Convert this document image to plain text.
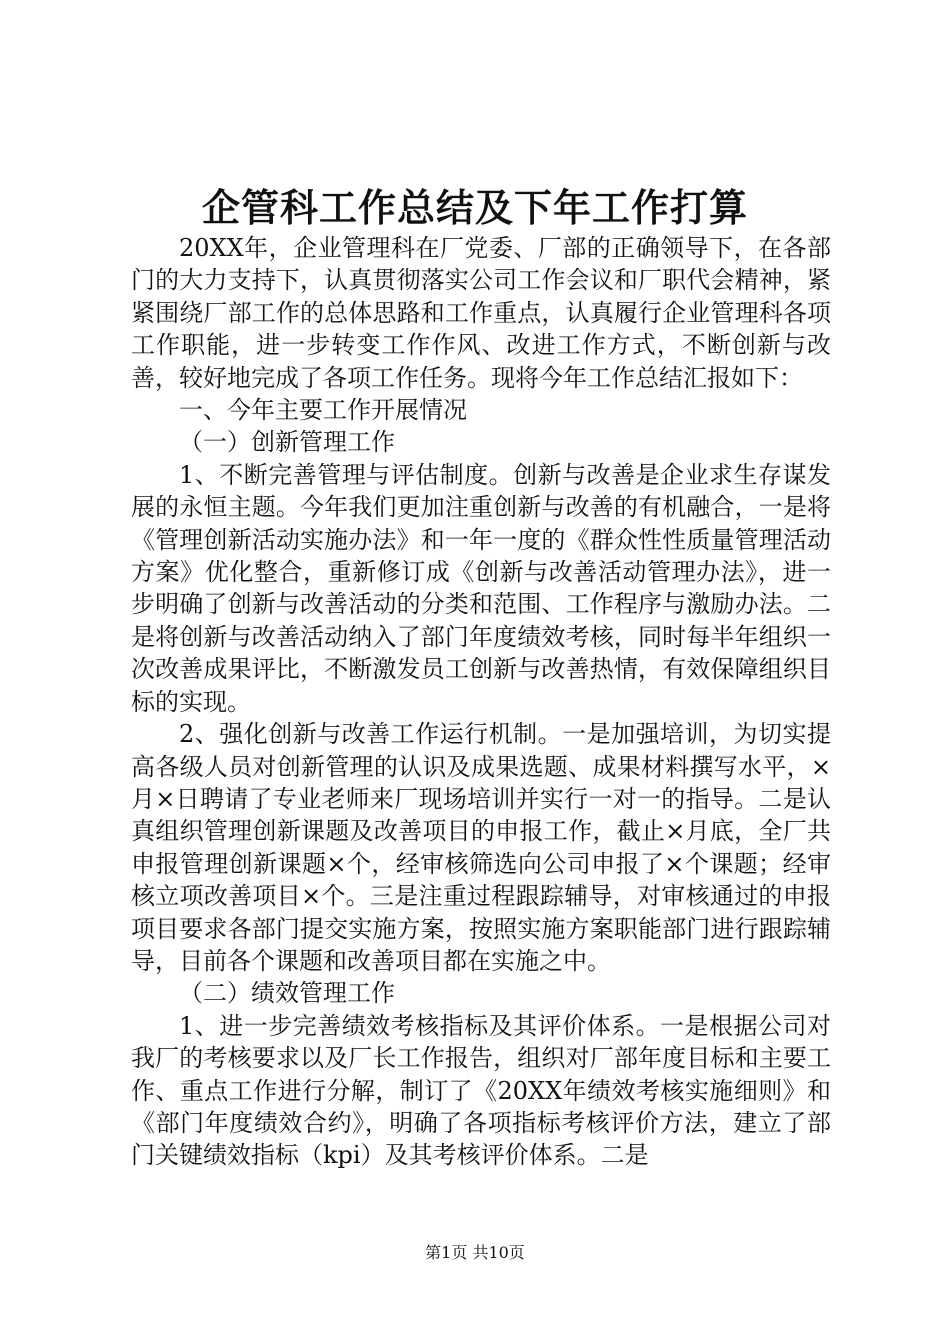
企管科工作总结及下年工作打算

20XX年，企业管理科在厂党委、厂部的正确领导下，在各部门的大力支持下，认真贯彻落实公司工作会议和厂职代会精神，紧紧围绕厂部工作的总体思路和工作重点，认真履行企业管理科各项工作职能，进一步转变工作作风、改进工作方式，不断创新与改善，较好地完成了各项工作任务。现将今年工作总结汇报如下：

一、今年主要工作开展情况

（一）创新管理工作

1、不断完善管理与评估制度。创新与改善是企业求生存谋发展的永恒主题。今年我们更加注重创新与改善的有机融合，一是将《管理创新活动实施办法》和一年一度的《群众性性质量管理活动方案》优化整合，重新修订成《创新与改善活动管理办法》，进一步明确了创新与改善活动的分类和范围、工作程序与激励办法。二是将创新与改善活动纳入了部门年度绩效考核，同时每半年组织一次改善成果评比，不断激发员工创新与改善热情，有效保障组织目标的实现。

2、强化创新与改善工作运行机制。一是加强培训，为切实提高各级人员对创新管理的认识及成果选题、成果材料撰写水平，×月×日聘请了专业老师来厂现场培训并实行一对一的指导。二是认真组织管理创新课题及改善项目的申报工作，截止×月底，全厂共申报管理创新课题×个，经审核筛选向公司申报了×个课题；经审核立项改善项目×个。三是注重过程跟踪辅导，对审核通过的申报项目要求各部门提交实施方案，按照实施方案职能部门进行跟踪辅导，目前各个课题和改善项目都在实施之中。

（二）绩效管理工作

1、进一步完善绩效考核指标及其评价体系。一是根据公司对我厂的考核要求以及厂长工作报告，组织对厂部年度目标和主要工作、重点工作进行分解，制订了《20XX年绩效考核实施细则》和《部门年度绩效合约》，明确了各项指标考核评价方法，建立了部门关键绩效指标（kpi）及其考核评价体系。二是

第1页 共10页
